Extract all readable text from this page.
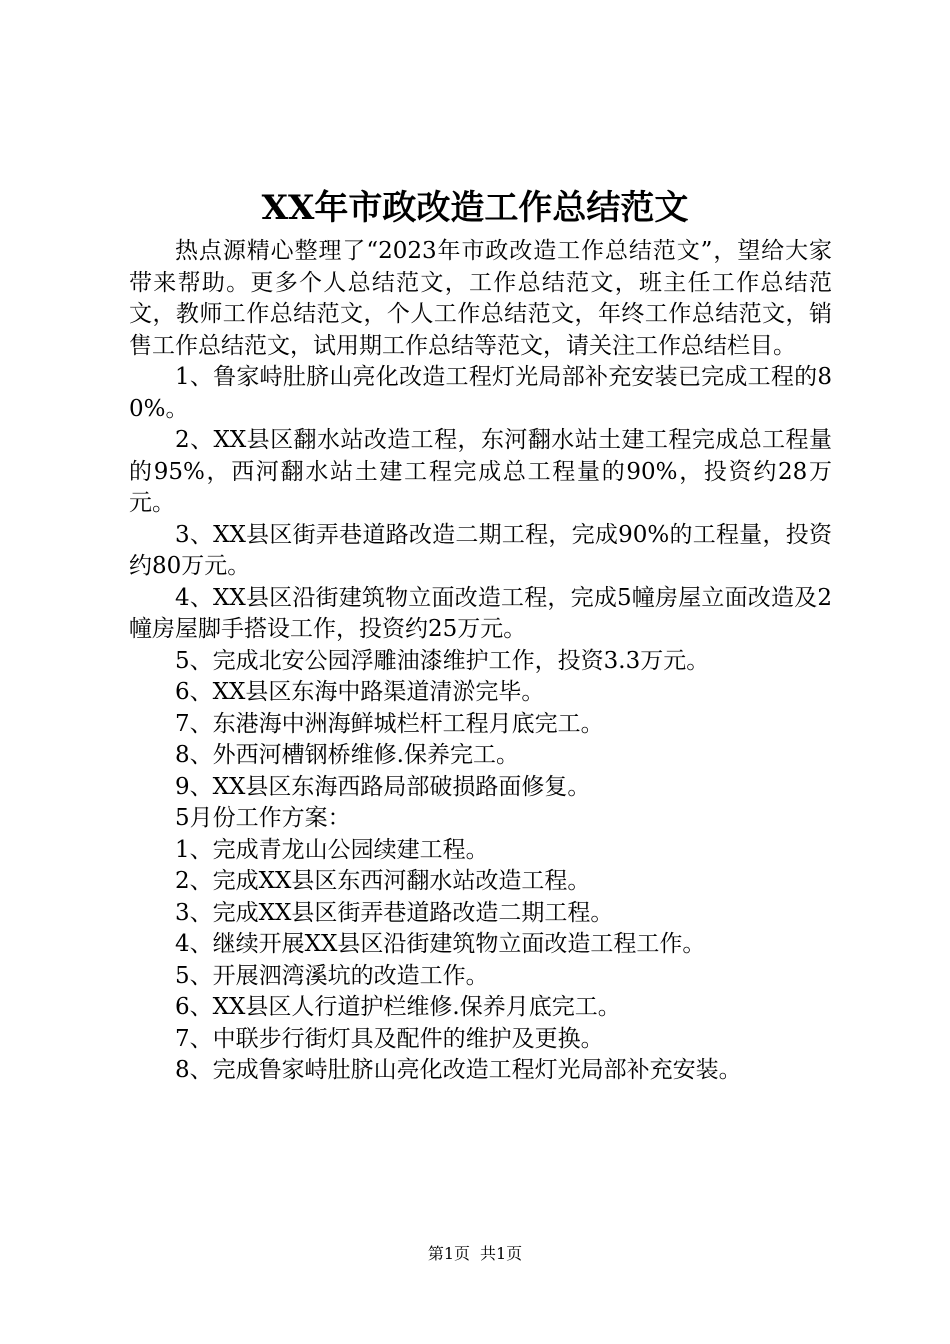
XX年市政改造工作总结范文

热点源精心整理了“2023年市政改造工作总结范文”，望给大家带来帮助。更多个人总结范文，工作总结范文，班主任工作总结范文，教师工作总结范文，个人工作总结范文，年终工作总结范文，销售工作总结范文，试用期工作总结等范文，请关注工作总结栏目。

1、鲁家峙肚脐山亮化改造工程灯光局部补充安装已完成工程的80%。

2、XX县区翻水站改造工程，东河翻水站土建工程完成总工程量的95%，西河翻水站土建工程完成总工程量的90%，投资约28万元。

3、XX县区街弄巷道路改造二期工程，完成90%的工程量，投资约80万元。

4、XX县区沿街建筑物立面改造工程，完成5幢房屋立面改造及2幢房屋脚手搭设工作，投资约25万元。

5、完成北安公园浮雕油漆维护工作，投资3.3万元。

6、XX县区东海中路渠道清淤完毕。

7、东港海中洲海鲜城栏杆工程月底完工。

8、外西河槽钢桥维修.保养完工。

9、XX县区东海西路局部破损路面修复。

5月份工作方案：

1、完成青龙山公园续建工程。

2、完成XX县区东西河翻水站改造工程。

3、完成XX县区街弄巷道路改造二期工程。

4、继续开展XX县区沿街建筑物立面改造工程工作。

5、开展泗湾溪坑的改造工作。

6、XX县区人行道护栏维修.保养月底完工。

7、中联步行街灯具及配件的维护及更换。

8、完成鲁家峙肚脐山亮化改造工程灯光局部补充安装。

第1页 共1页
